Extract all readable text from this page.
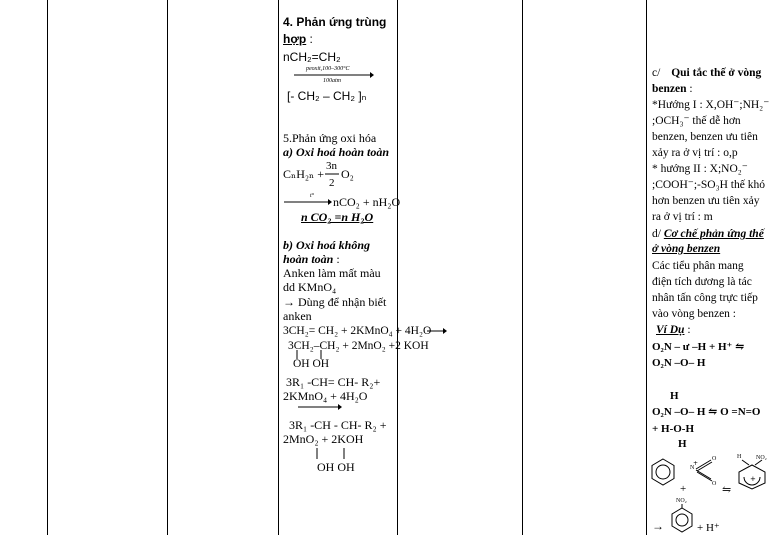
4. Phản ứng trùng
hợp :
nCH₂=CH₂
peoxit,100–300°C
100atm
[- CH₂ – CH₂ ]ₙ
5.Phản ứng oxi hóa
a) Oxi hoá hoàn toàn
CₙH₂ₙ +
3n
2
O₂
t° → nCO₂ + nH₂O
n CO₂ =n H₂O
b) Oxi hoá không
hoàn toàn :
Anken làm mất màu
dd KMnO₄
→ Dùng để nhận biết
anken
3CH₂= CH₂ + 2KMnO₄ + 4H₂O
3CH₂–CH₂ + 2MnO₂ +2 KOH
OH OH
3R₁ -CH= CH- R₂+
2KMnO₄ + 4H₂O
3R₁ -CH - CH- R₂ +
2MnO₂ + 2KOH
OH OH
c/ Qui tắc thế ở vòng
benzen :
*Hướng I : X,OH⁻;NH₂⁻
;OCH₃⁻ thế dễ hơn
benzen, benzen ưu tiên
xảy ra ở vị trí : o,p
* hướng II : X;NO₂⁻
;COOH⁻;-SO₃H thế khó
hơn benzen ưu tiên xảy
ra ở vị trí : m
d/ Cơ chế phản ứng thế
ở vòng benzen
Các tiểu phân mang
điện tích dương là tác
nhân tấn công trực tiếp
vào vòng benzen :
Ví Dụ :
O₂N – ư –H + H⁺ ⇋
O₂N –O– H
H
O₂N –O– H ⇋ O =N=O
+ H-O-H
H
N
+
O
O
+	⇋
H NO₂
+
→
NO₂
+ H⁺
